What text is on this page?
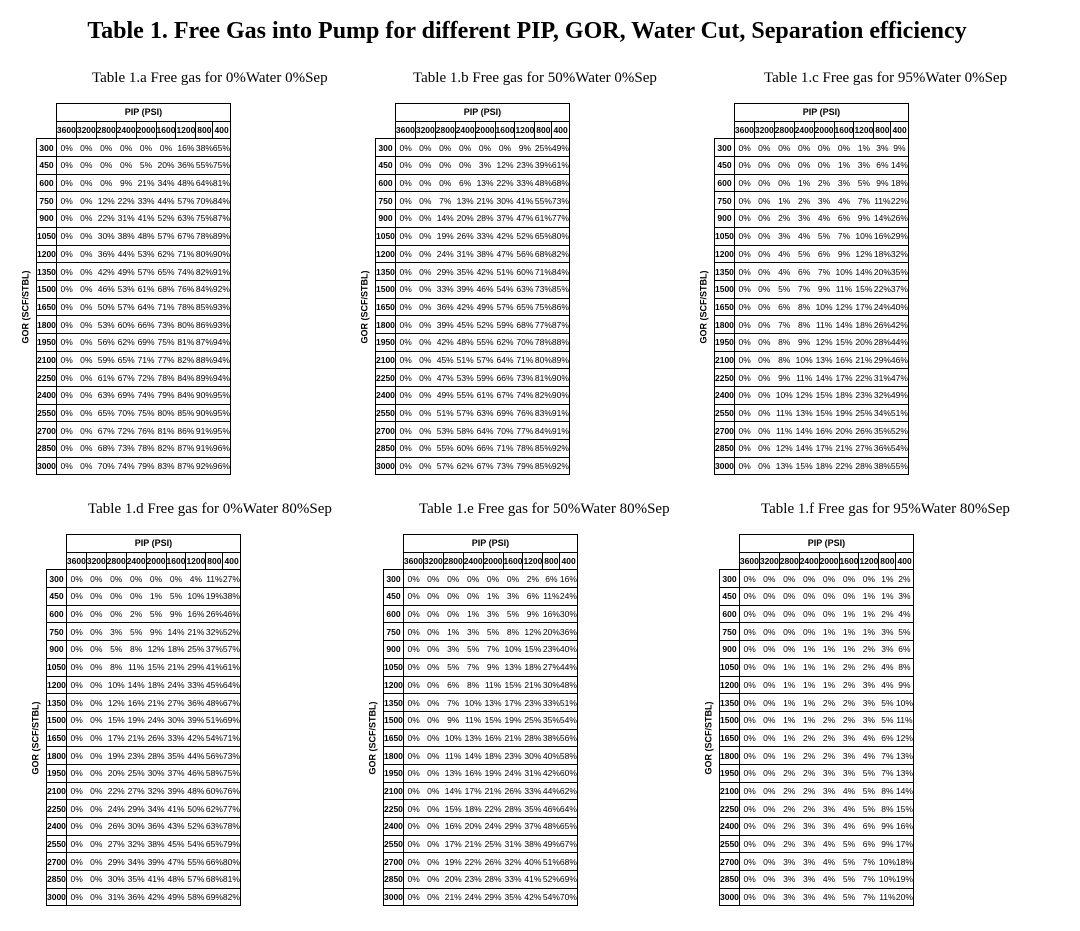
Table 1. Free Gas into Pump for different PIP, GOR, Water Cut, Separation efficiency
Table 1.a Free gas for 0%Water 0%Sep
	PIP (PSI)								
	3600	3200	2800	2400	2000	1600	1200	800	400
300	0%	0%	0%	0%	0%	0%	16%	38%	65%
450	0%	0%	0%	0%	5%	20%	36%	55%	75%
600	0%	0%	0%	9%	21%	34%	48%	64%	81%
750	0%	0%	12%	22%	33%	44%	57%	70%	84%
900	0%	0%	22%	31%	41%	52%	63%	75%	87%
1050	0%	0%	30%	38%	48%	57%	67%	78%	89%
1200	0%	0%	36%	44%	53%	62%	71%	80%	90%
1350	0%	0%	42%	49%	57%	65%	74%	82%	91%
1500	0%	0%	46%	53%	61%	68%	76%	84%	92%
1650	0%	0%	50%	57%	64%	71%	78%	85%	93%
1800	0%	0%	53%	60%	66%	73%	80%	86%	93%
1950	0%	0%	56%	62%	69%	75%	81%	87%	94%
2100	0%	0%	59%	65%	71%	77%	82%	88%	94%
2250	0%	0%	61%	67%	72%	78%	84%	89%	94%
2400	0%	0%	63%	69%	74%	79%	84%	90%	95%
2550	0%	0%	65%	70%	75%	80%	85%	90%	95%
2700	0%	0%	67%	72%	76%	81%	86%	91%	95%
2850	0%	0%	68%	73%	78%	82%	87%	91%	96%
3000	0%	0%	70%	74%	79%	83%	87%	92%	96%
GOR (SCF/STBL)
Table 1.b Free gas for 50%Water 0%Sep
	PIP (PSI)								
	3600	3200	2800	2400	2000	1600	1200	800	400
300	0%	0%	0%	0%	0%	0%	9%	25%	49%
450	0%	0%	0%	0%	3%	12%	23%	39%	61%
600	0%	0%	0%	6%	13%	22%	33%	48%	68%
750	0%	0%	7%	13%	21%	30%	41%	55%	73%
900	0%	0%	14%	20%	28%	37%	47%	61%	77%
1050	0%	0%	19%	26%	33%	42%	52%	65%	80%
1200	0%	0%	24%	31%	38%	47%	56%	68%	82%
1350	0%	0%	29%	35%	42%	51%	60%	71%	84%
1500	0%	0%	33%	39%	46%	54%	63%	73%	85%
1650	0%	0%	36%	42%	49%	57%	65%	75%	86%
1800	0%	0%	39%	45%	52%	59%	68%	77%	87%
1950	0%	0%	42%	48%	55%	62%	70%	78%	88%
2100	0%	0%	45%	51%	57%	64%	71%	80%	89%
2250	0%	0%	47%	53%	59%	66%	73%	81%	90%
2400	0%	0%	49%	55%	61%	67%	74%	82%	90%
2550	0%	0%	51%	57%	63%	69%	76%	83%	91%
2700	0%	0%	53%	58%	64%	70%	77%	84%	91%
2850	0%	0%	55%	60%	66%	71%	78%	85%	92%
3000	0%	0%	57%	62%	67%	73%	79%	85%	92%
GOR (SCF/STBL)
Table 1.c Free gas for 95%Water 0%Sep
	PIP (PSI)								
	3600	3200	2800	2400	2000	1600	1200	800	400
300	0%	0%	0%	0%	0%	0%	1%	3%	9%
450	0%	0%	0%	0%	0%	1%	3%	6%	14%
600	0%	0%	0%	1%	2%	3%	5%	9%	18%
750	0%	0%	1%	2%	3%	4%	7%	11%	22%
900	0%	0%	2%	3%	4%	6%	9%	14%	26%
1050	0%	0%	3%	4%	5%	7%	10%	16%	29%
1200	0%	0%	4%	5%	6%	9%	12%	18%	32%
1350	0%	0%	4%	6%	7%	10%	14%	20%	35%
1500	0%	0%	5%	7%	9%	11%	15%	22%	37%
1650	0%	0%	6%	8%	10%	12%	17%	24%	40%
1800	0%	0%	7%	8%	11%	14%	18%	26%	42%
1950	0%	0%	8%	9%	12%	15%	20%	28%	44%
2100	0%	0%	8%	10%	13%	16%	21%	29%	46%
2250	0%	0%	9%	11%	14%	17%	22%	31%	47%
2400	0%	0%	10%	12%	15%	18%	23%	32%	49%
2550	0%	0%	11%	13%	15%	19%	25%	34%	51%
2700	0%	0%	11%	14%	16%	20%	26%	35%	52%
2850	0%	0%	12%	14%	17%	21%	27%	36%	54%
3000	0%	0%	13%	15%	18%	22%	28%	38%	55%
GOR (SCF/STBL)
Table 1.d Free gas for 0%Water 80%Sep
	PIP (PSI)								
	3600	3200	2800	2400	2000	1600	1200	800	400
300	0%	0%	0%	0%	0%	0%	4%	11%	27%
450	0%	0%	0%	0%	1%	5%	10%	19%	38%
600	0%	0%	0%	2%	5%	9%	16%	26%	46%
750	0%	0%	3%	5%	9%	14%	21%	32%	52%
900	0%	0%	5%	8%	12%	18%	25%	37%	57%
1050	0%	0%	8%	11%	15%	21%	29%	41%	61%
1200	0%	0%	10%	14%	18%	24%	33%	45%	64%
1350	0%	0%	12%	16%	21%	27%	36%	48%	67%
1500	0%	0%	15%	19%	24%	30%	39%	51%	69%
1650	0%	0%	17%	21%	26%	33%	42%	54%	71%
1800	0%	0%	19%	23%	28%	35%	44%	56%	73%
1950	0%	0%	20%	25%	30%	37%	46%	58%	75%
2100	0%	0%	22%	27%	32%	39%	48%	60%	76%
2250	0%	0%	24%	29%	34%	41%	50%	62%	77%
2400	0%	0%	26%	30%	36%	43%	52%	63%	78%
2550	0%	0%	27%	32%	38%	45%	54%	65%	79%
2700	0%	0%	29%	34%	39%	47%	55%	66%	80%
2850	0%	0%	30%	35%	41%	48%	57%	68%	81%
3000	0%	0%	31%	36%	42%	49%	58%	69%	82%
GOR (SCF/STBL)
Table 1.e Free gas for 50%Water 80%Sep
	PIP (PSI)								
	3600	3200	2800	2400	2000	1600	1200	800	400
300	0%	0%	0%	0%	0%	0%	2%	6%	16%
450	0%	0%	0%	0%	1%	3%	6%	11%	24%
600	0%	0%	0%	1%	3%	5%	9%	16%	30%
750	0%	0%	1%	3%	5%	8%	12%	20%	36%
900	0%	0%	3%	5%	7%	10%	15%	23%	40%
1050	0%	0%	5%	7%	9%	13%	18%	27%	44%
1200	0%	0%	6%	8%	11%	15%	21%	30%	48%
1350	0%	0%	7%	10%	13%	17%	23%	33%	51%
1500	0%	0%	9%	11%	15%	19%	25%	35%	54%
1650	0%	0%	10%	13%	16%	21%	28%	38%	56%
1800	0%	0%	11%	14%	18%	23%	30%	40%	58%
1950	0%	0%	13%	16%	19%	24%	31%	42%	60%
2100	0%	0%	14%	17%	21%	26%	33%	44%	62%
2250	0%	0%	15%	18%	22%	28%	35%	46%	64%
2400	0%	0%	16%	20%	24%	29%	37%	48%	65%
2550	0%	0%	17%	21%	25%	31%	38%	49%	67%
2700	0%	0%	19%	22%	26%	32%	40%	51%	68%
2850	0%	0%	20%	23%	28%	33%	41%	52%	69%
3000	0%	0%	21%	24%	29%	35%	42%	54%	70%
GOR (SCF/STBL)
Table 1.f Free gas for 95%Water 80%Sep
	PIP (PSI)								
	3600	3200	2800	2400	2000	1600	1200	800	400
300	0%	0%	0%	0%	0%	0%	0%	1%	2%
450	0%	0%	0%	0%	0%	0%	1%	1%	3%
600	0%	0%	0%	0%	0%	1%	1%	2%	4%
750	0%	0%	0%	0%	1%	1%	1%	3%	5%
900	0%	0%	0%	1%	1%	1%	2%	3%	6%
1050	0%	0%	1%	1%	1%	2%	2%	4%	8%
1200	0%	0%	1%	1%	1%	2%	3%	4%	9%
1350	0%	0%	1%	1%	2%	2%	3%	5%	10%
1500	0%	0%	1%	1%	2%	2%	3%	5%	11%
1650	0%	0%	1%	2%	2%	3%	4%	6%	12%
1800	0%	0%	1%	2%	2%	3%	4%	7%	13%
1950	0%	0%	2%	2%	3%	3%	5%	7%	13%
2100	0%	0%	2%	2%	3%	4%	5%	8%	14%
2250	0%	0%	2%	2%	3%	4%	5%	8%	15%
2400	0%	0%	2%	3%	3%	4%	6%	9%	16%
2550	0%	0%	2%	3%	4%	5%	6%	9%	17%
2700	0%	0%	3%	3%	4%	5%	7%	10%	18%
2850	0%	0%	3%	3%	4%	5%	7%	10%	19%
3000	0%	0%	3%	3%	4%	5%	7%	11%	20%
GOR (SCF/STBL)
